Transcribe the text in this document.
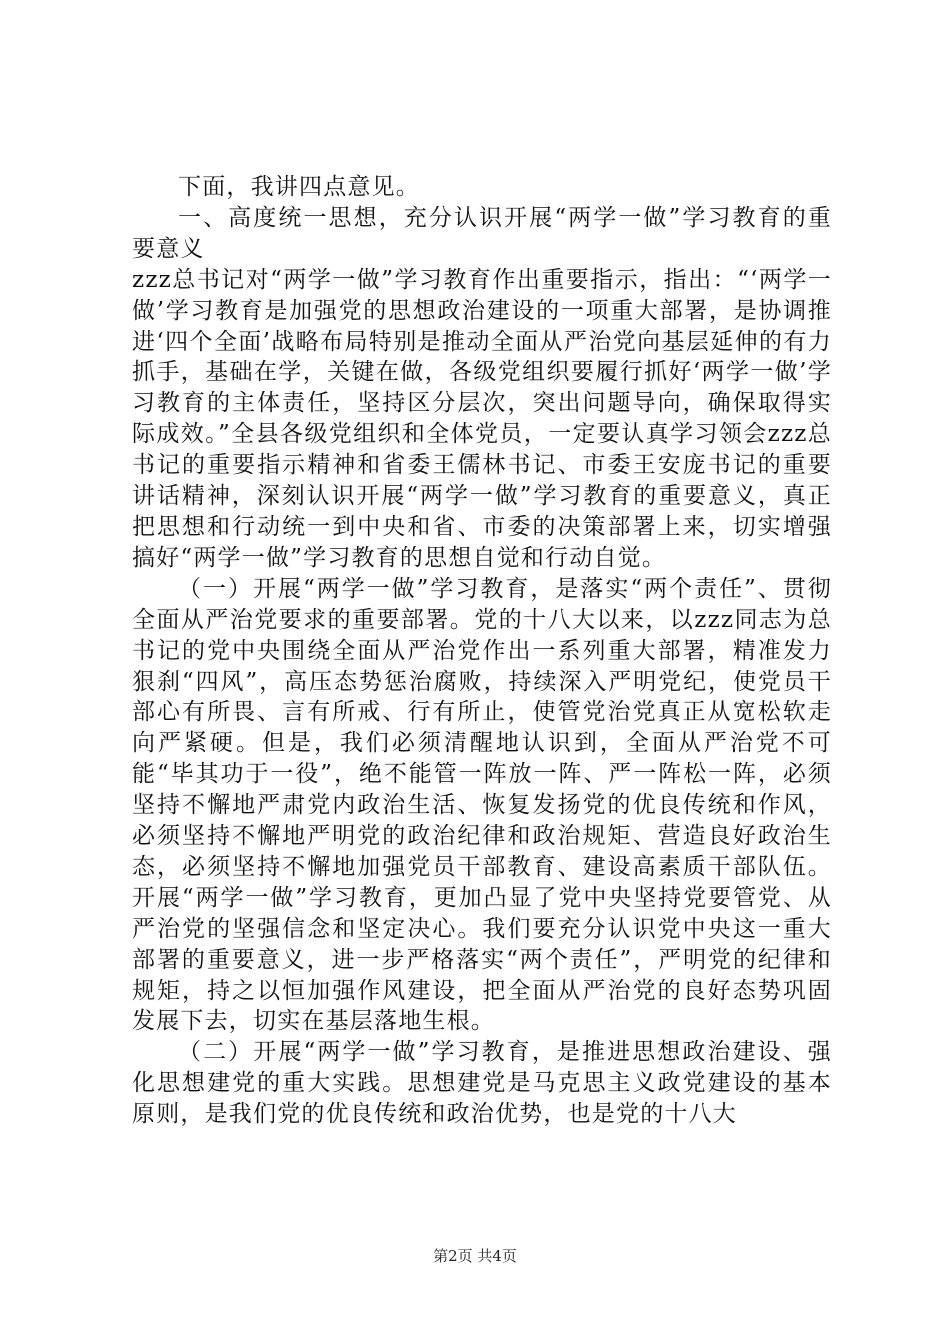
下面，我讲四点意见。

一、高度统一思想，充分认识开展“两学一做”学习教育的重要意义

zzz总书记对“两学一做”学习教育作出重要指示，指出：“‘两学一做’学习教育是加强党的思想政治建设的一项重大部署，是协调推进‘四个全面’战略布局特别是推动全面从严治党向基层延伸的有力抓手，基础在学，关键在做，各级党组织要履行抓好‘两学一做’学习教育的主体责任，坚持区分层次，突出问题导向，确保取得实际成效。”全县各级党组织和全体党员，一定要认真学习领会zzz总书记的重要指示精神和省委王儒林书记、市委王安庞书记的重要讲话精神，深刻认识开展“两学一做”学习教育的重要意义，真正把思想和行动统一到中央和省、市委的决策部署上来，切实增强搞好“两学一做”学习教育的思想自觉和行动自觉。

（一）开展“两学一做”学习教育，是落实“两个责任”、贯彻全面从严治党要求的重要部署。党的十八大以来，以zzz同志为总书记的党中央围绕全面从严治党作出一系列重大部署，精准发力狠刹“四风”，高压态势惩治腐败，持续深入严明党纪，使党员干部心有所畏、言有所戒、行有所止，使管党治党真正从宽松软走向严紧硬。但是，我们必须清醒地认识到，全面从严治党不可能“毕其功于一役”，绝不能管一阵放一阵、严一阵松一阵，必须坚持不懈地严肃党内政治生活、恢复发扬党的优良传统和作风，必须坚持不懈地严明党的政治纪律和政治规矩、营造良好政治生态，必须坚持不懈地加强党员干部教育、建设高素质干部队伍。开展“两学一做”学习教育，更加凸显了党中央坚持党要管党、从严治党的坚强信念和坚定决心。我们要充分认识党中央这一重大部署的重要意义，进一步严格落实“两个责任”，严明党的纪律和规矩，持之以恒加强作风建设，把全面从严治党的良好态势巩固发展下去，切实在基层落地生根。

（二）开展“两学一做”学习教育，是推进思想政治建设、强化思想建党的重大实践。思想建党是马克思主义政党建设的基本原则，是我们党的优良传统和政治优势，也是党的十八大

第2页 共4页
